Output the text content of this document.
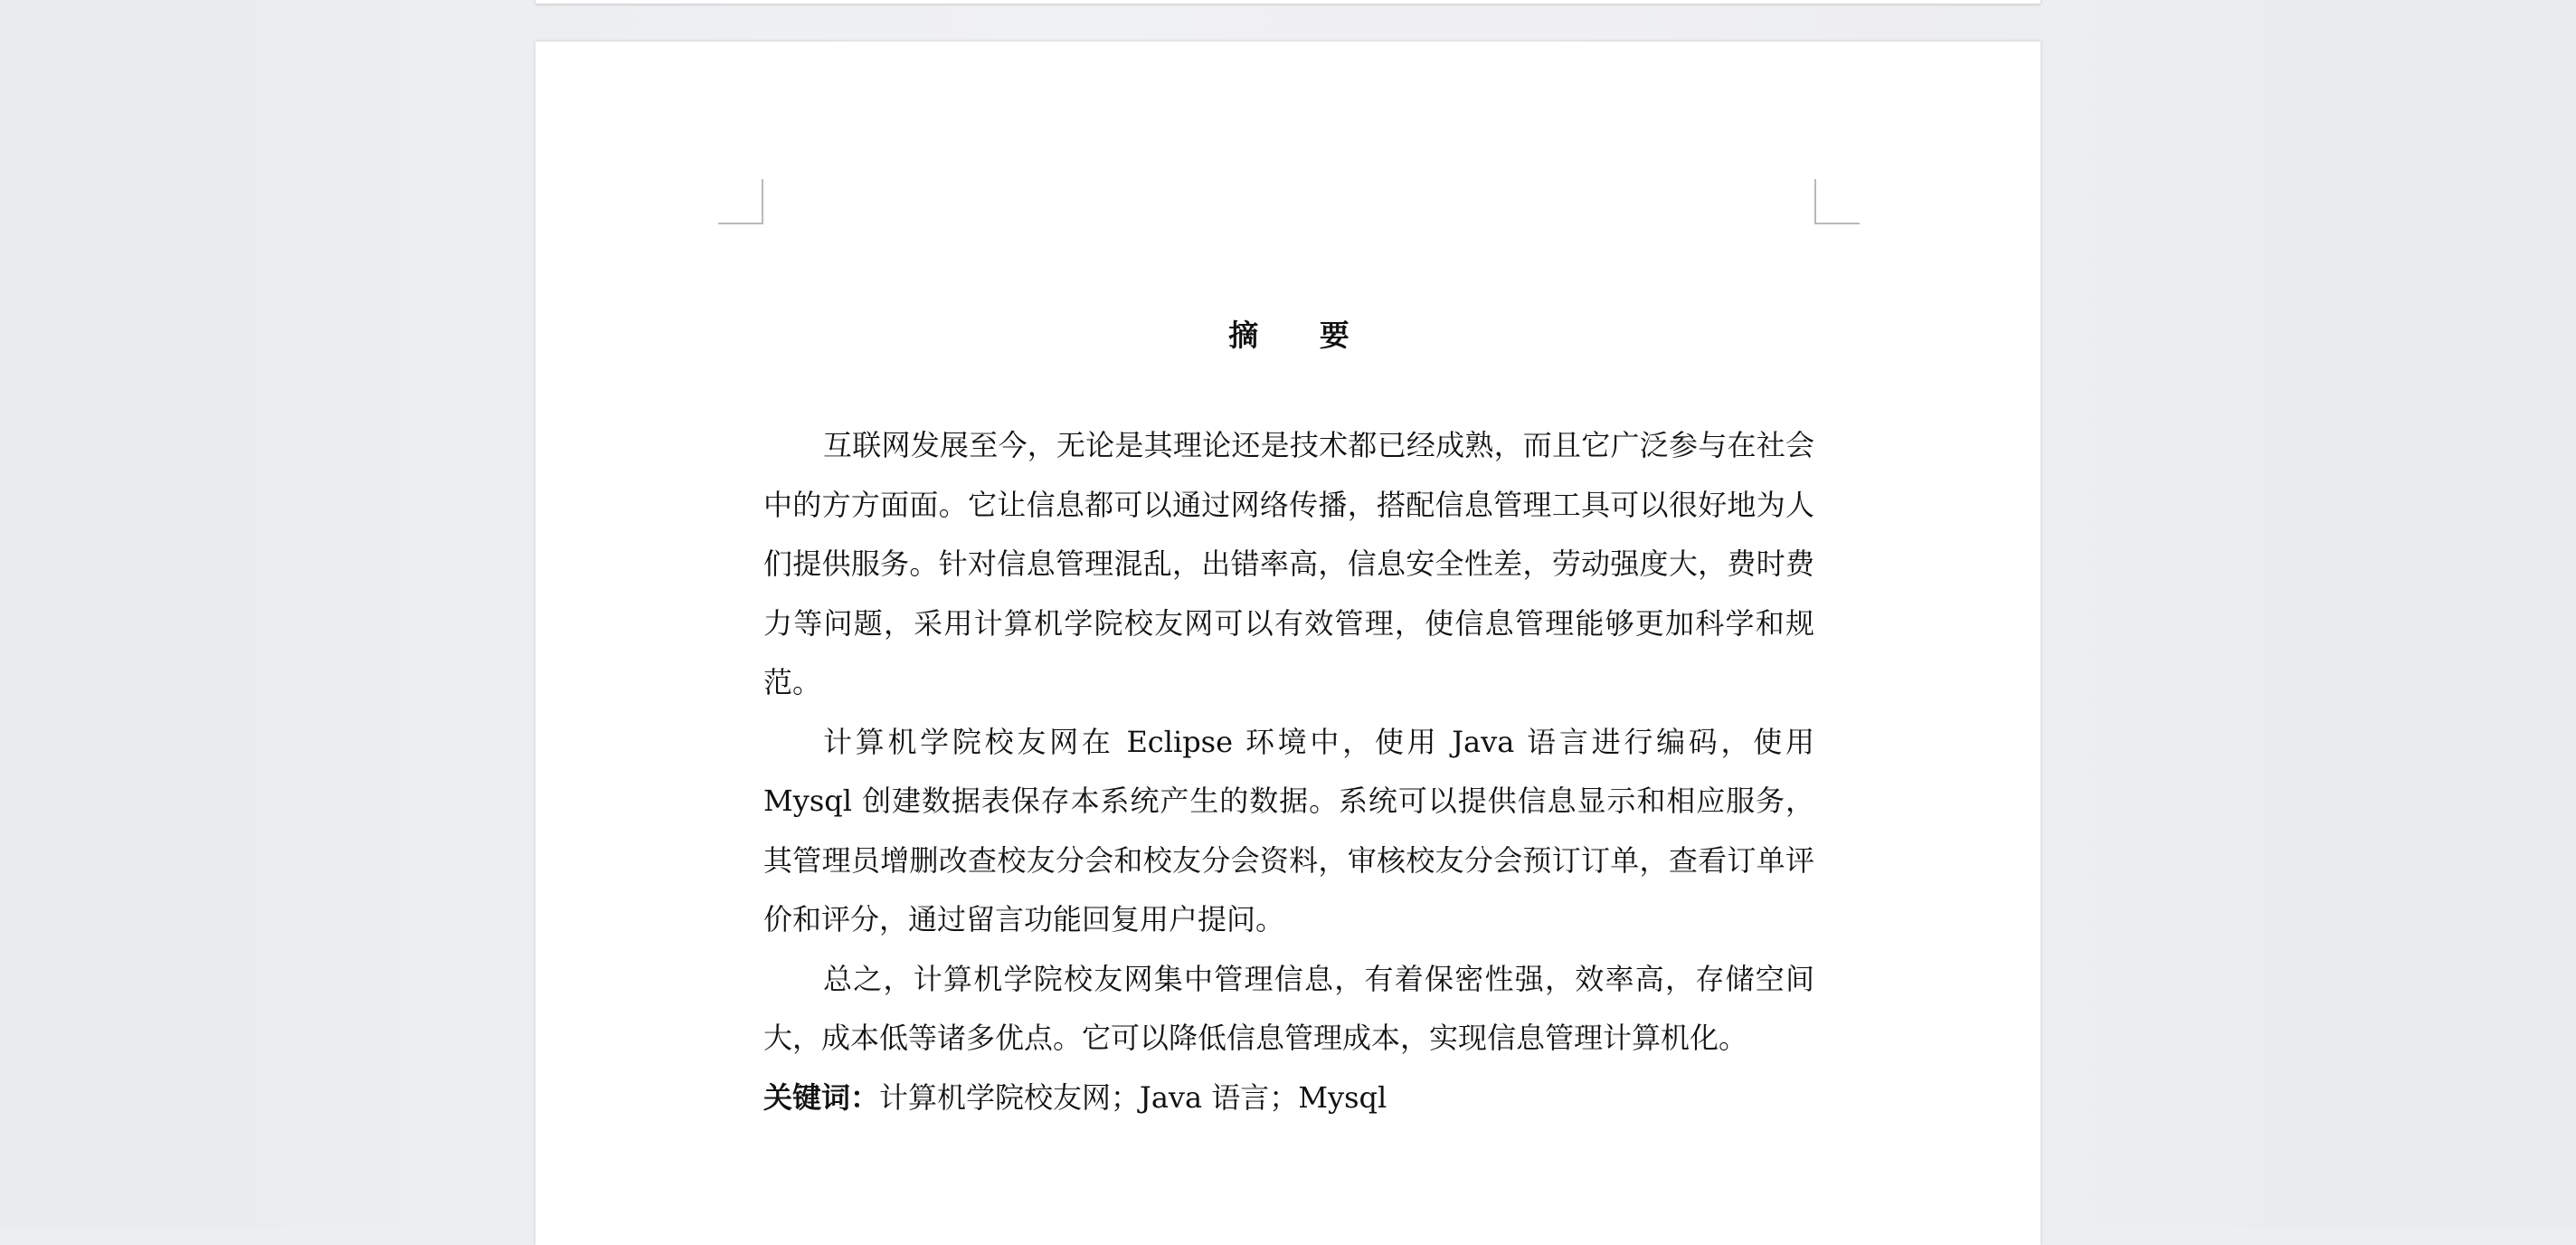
摘 要

互联网发展至今，无论是其理论还是技术都已经成熟，而且它广泛参与在社会中的方方面面。它让信息都可以通过网络传播，搭配信息管理工具可以很好地为人们提供服务。针对信息管理混乱，出错率高，信息安全性差，劳动强度大，费时费力等问题，采用计算机学院校友网可以有效管理，使信息管理能够更加科学和规范。

计算机学院校友网在 Eclipse 环境中，使用 Java 语言进行编码，使用 Mysql 创建数据表保存本系统产生的数据。系统可以提供信息显示和相应服务，其管理员增删改查校友分会和校友分会资料，审核校友分会预订订单，查看订单评价和评分，通过留言功能回复用户提问。

总之，计算机学院校友网集中管理信息，有着保密性强，效率高，存储空间大，成本低等诸多优点。它可以降低信息管理成本，实现信息管理计算机化。

关键词：计算机学院校友网；Java 语言；Mysql
